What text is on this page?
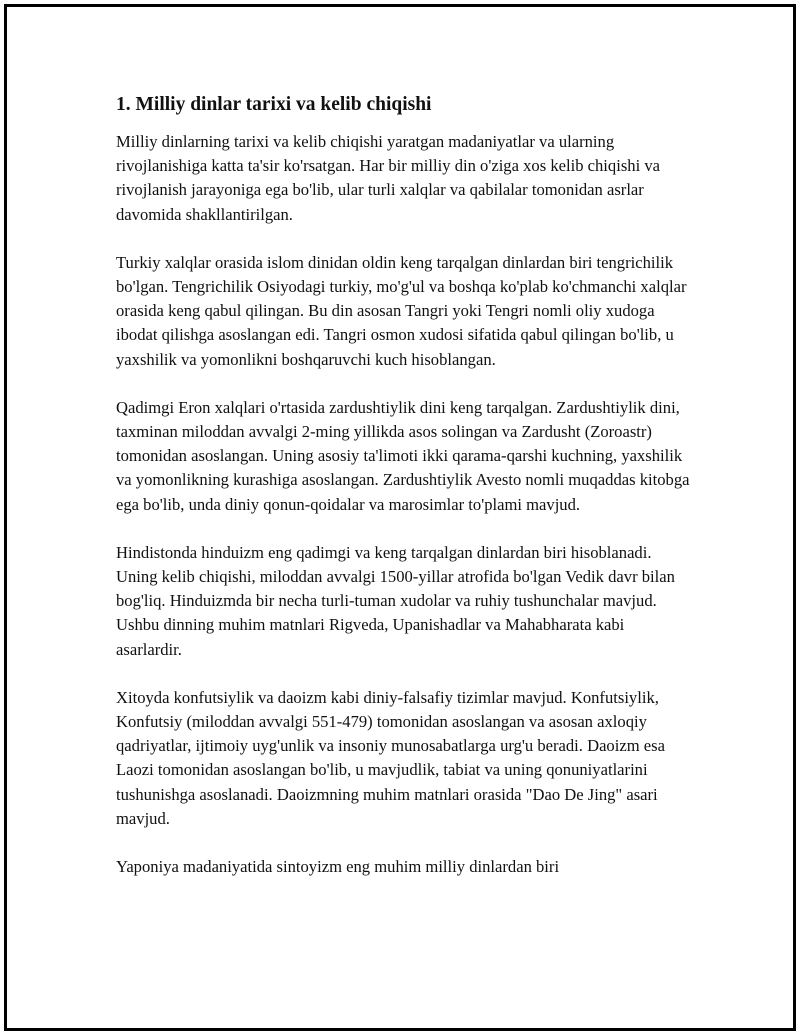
1. Milliy dinlar tarixi va kelib chiqishi

Milliy dinlarning tarixi va kelib chiqishi yaratgan madaniyatlar va ularning rivojlanishiga katta ta'sir ko'rsatgan. Har bir milliy din o'ziga xos kelib chiqishi va rivojlanish jarayoniga ega bo'lib, ular turli xalqlar va qabilalar tomonidan asrlar davomida shakllantirilgan.

Turkiy xalqlar orasida islom dinidan oldin keng tarqalgan dinlardan biri tengrichilik bo'lgan. Tengrichilik Osiyodagi turkiy, mo'g'ul va boshqa ko'plab ko'chmanchi xalqlar orasida keng qabul qilingan. Bu din asosan Tangri yoki Tengri nomli oliy xudoga ibodat qilishga asoslangan edi. Tangri osmon xudosi sifatida qabul qilingan bo'lib, u yaxshilik va yomonlikni boshqaruvchi kuch hisoblangan.

Qadimgi Eron xalqlari o'rtasida zardushtiylik dini keng tarqalgan. Zardushtiylik dini, taxminan miloddan avvalgi 2-ming yillikda asos solingan va Zardusht (Zoroastr) tomonidan asoslangan. Uning asosiy ta'limoti ikki qarama-qarshi kuchning, yaxshilik va yomonlikning kurashiga asoslangan. Zardushtiylik Avesto nomli muqaddas kitobga ega bo'lib, unda diniy qonun-qoidalar va marosimlar to'plami mavjud.

Hindistonda hinduizm eng qadimgi va keng tarqalgan dinlardan biri hisoblanadi. Uning kelib chiqishi, miloddan avvalgi 1500-yillar atrofida bo'lgan Vedik davr bilan bog'liq. Hinduizmda bir necha turli-tuman xudolar va ruhiy tushunchalar mavjud. Ushbu dinning muhim matnlari Rigveda, Upanishadlar va Mahabharata kabi asarlardir.

Xitoyda konfutsiylik va daoizm kabi diniy-falsafiy tizimlar mavjud. Konfutsiylik, Konfutsiy (miloddan avvalgi 551-479) tomonidan asoslangan va asosan axloqiy qadriyatlar, ijtimoiy uyg'unlik va insoniy munosabatlarga urg'u beradi. Daoizm esa Laozi tomonidan asoslangan bo'lib, u mavjudlik, tabiat va uning qonuniyatlarini tushunishga asoslanadi. Daoizmning muhim matnlari orasida "Dao De Jing" asari mavjud.

Yaponiya madaniyatida sintoyizm eng muhim milliy dinlardan biri
